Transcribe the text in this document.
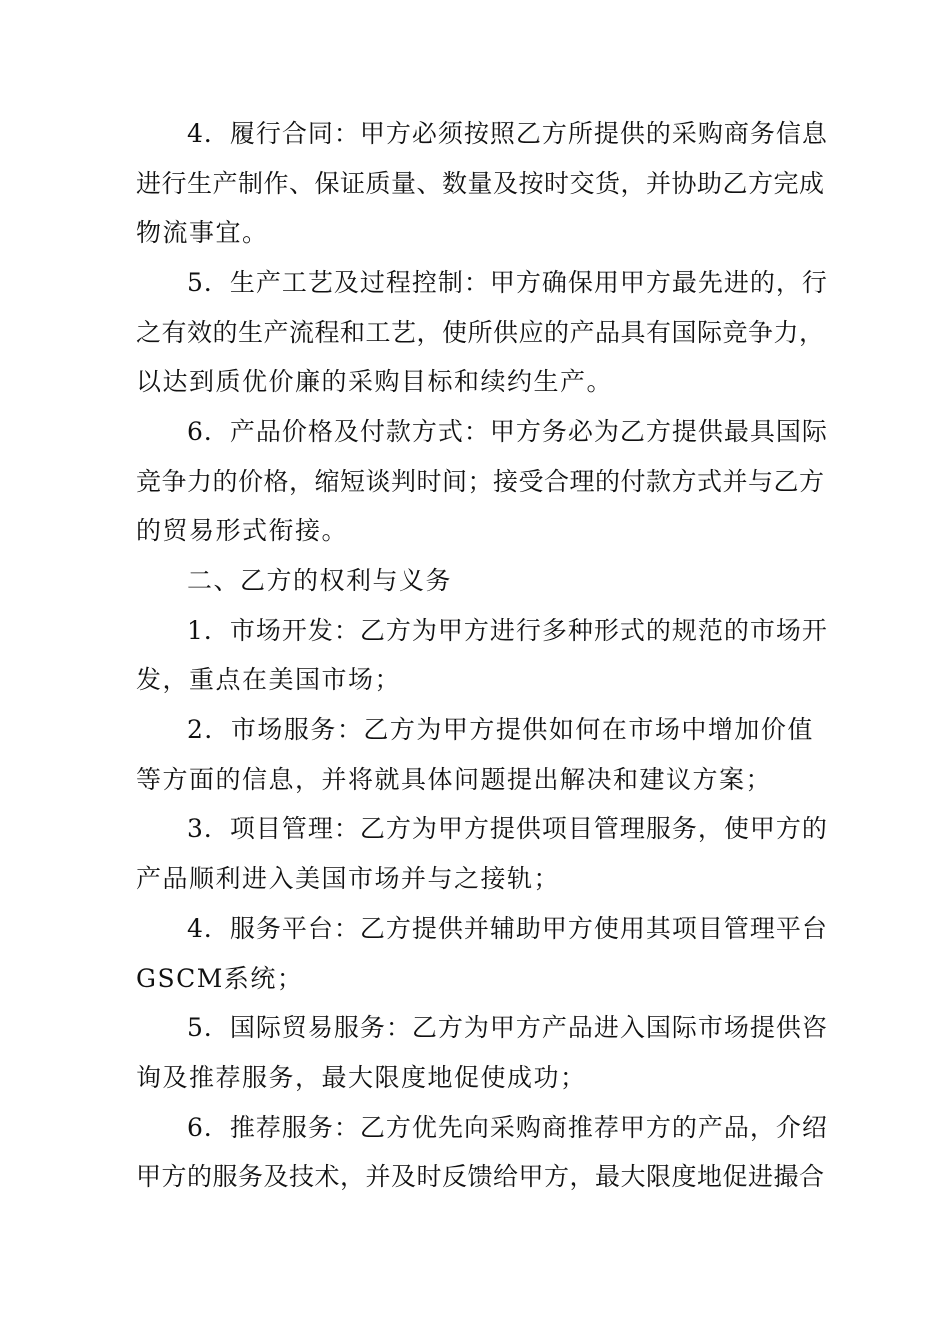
4．履行合同：甲方必须按照乙方所提供的采购商务信息
进行生产制作、保证质量、数量及按时交货，并协助乙方完成
物流事宜。
5．生产工艺及过程控制：甲方确保用甲方最先进的，行
之有效的生产流程和工艺，使所供应的产品具有国际竞争力，
以达到质优价廉的采购目标和续约生产。
6．产品价格及付款方式：甲方务必为乙方提供最具国际
竞争力的价格，缩短谈判时间；接受合理的付款方式并与乙方
的贸易形式衔接。
二、乙方的权利与义务
1．市场开发：乙方为甲方进行多种形式的规范的市场开
发，重点在美国市场；
2．市场服务：乙方为甲方提供如何在市场中增加价值
等方面的信息，并将就具体问题提出解决和建议方案；
3．项目管理：乙方为甲方提供项目管理服务，使甲方的
产品顺利进入美国市场并与之接轨；
4．服务平台：乙方提供并辅助甲方使用其项目管理平台
GSCM系统；
5．国际贸易服务：乙方为甲方产品进入国际市场提供咨
询及推荐服务，最大限度地促使成功；
6．推荐服务：乙方优先向采购商推荐甲方的产品，介绍
甲方的服务及技术，并及时反馈给甲方，最大限度地促进撮合
